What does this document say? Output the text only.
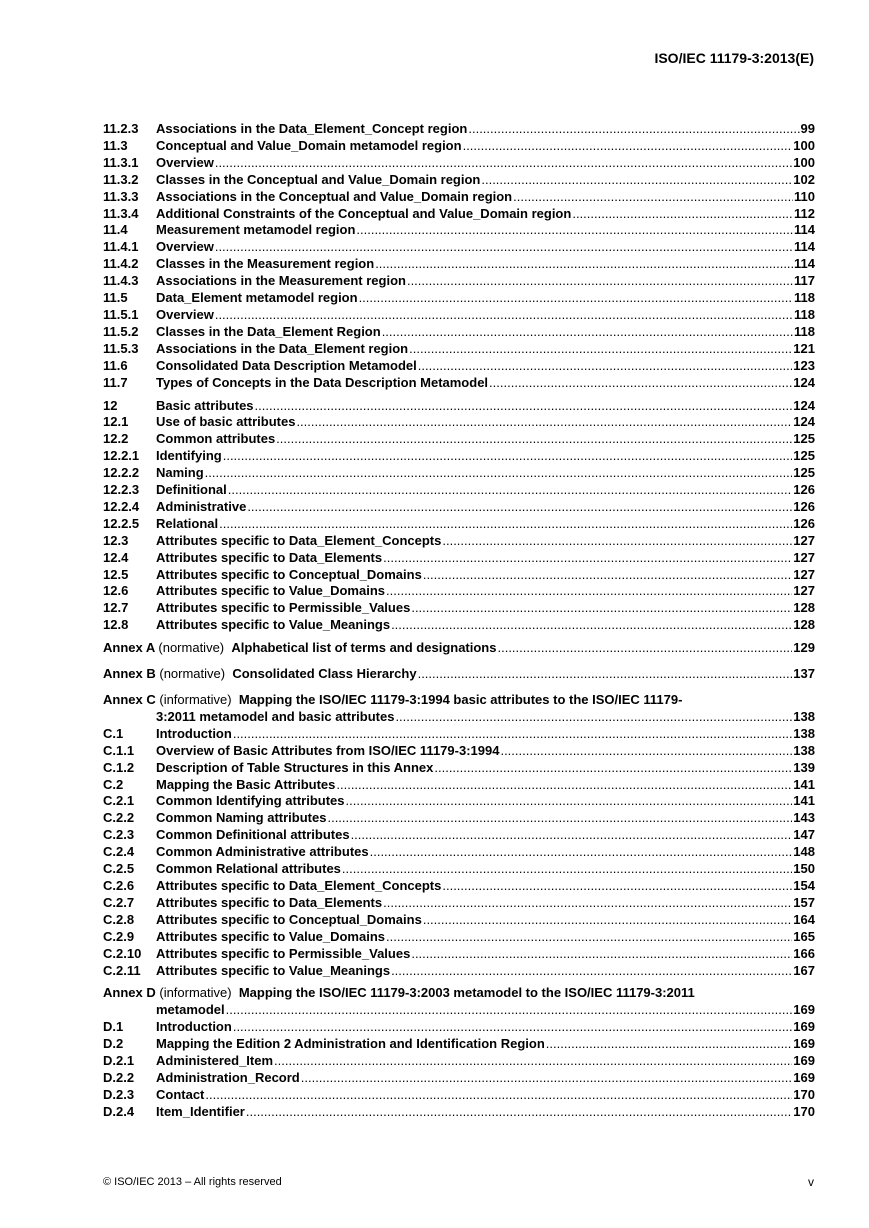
ISO/IEC 11179-3:2013(E)
11.2.3	Associations in the Data_Element_Concept region .....	99
11.3	Conceptual and Value_Domain metamodel region .....	100
11.3.1	Overview .....	100
11.3.2	Classes in the Conceptual and Value_Domain region .....	102
11.3.3	Associations in the Conceptual and Value_Domain region .....	110
11.3.4	Additional Constraints of the Conceptual and Value_Domain region .....	112
11.4	Measurement metamodel region .....	114
11.4.1	Overview .....	114
11.4.2	Classes in the Measurement region .....	114
11.4.3	Associations in the Measurement region .....	117
11.5	Data_Element metamodel region .....	118
11.5.1	Overview .....	118
11.5.2	Classes in the Data_Element Region .....	118
11.5.3	Associations in the Data_Element region .....	121
11.6	Consolidated Data Description Metamodel .....	123
11.7	Types of Concepts in the Data Description Metamodel .....	124
12	Basic attributes .....	124
12.1	Use of basic attributes .....	124
12.2	Common attributes .....	125
12.2.1	Identifying .....	125
12.2.2	Naming .....	125
12.2.3	Definitional .....	126
12.2.4	Administrative .....	126
12.2.5	Relational .....	126
12.3	Attributes specific to Data_Element_Concepts .....	127
12.4	Attributes specific to Data_Elements .....	127
12.5	Attributes specific to Conceptual_Domains .....	127
12.6	Attributes specific to Value_Domains .....	127
12.7	Attributes specific to Permissible_Values .....	128
12.8	Attributes specific to Value_Meanings .....	128
Annex A (normative) Alphabetical list of terms and designations .....	129
Annex B (normative) Consolidated Class Hierarchy .....	137
Annex C (informative) Mapping the ISO/IEC 11179-3:1994 basic attributes to the ISO/IEC 11179-
3:2011 metamodel and basic attributes .....	138
C.1	Introduction .....	138
C.1.1	Overview of Basic Attributes from ISO/IEC 11179-3:1994 .....	138
C.1.2	Description of Table Structures in this Annex .....	139
C.2	Mapping the Basic Attributes .....	141
C.2.1	Common Identifying attributes .....	141
C.2.2	Common Naming attributes .....	143
C.2.3	Common Definitional attributes .....	147
C.2.4	Common Administrative attributes .....	148
C.2.5	Common Relational attributes .....	150
C.2.6	Attributes specific to Data_Element_Concepts .....	154
C.2.7	Attributes specific to Data_Elements .....	157
C.2.8	Attributes specific to Conceptual_Domains .....	164
C.2.9	Attributes specific to Value_Domains .....	165
C.2.10	Attributes specific to Permissible_Values .....	166
C.2.11	Attributes specific to Value_Meanings .....	167
Annex D (informative) Mapping the ISO/IEC 11179-3:2003 metamodel to the ISO/IEC 11179-3:2011
metamodel .....	169
D.1	Introduction .....	169
D.2	Mapping the Edition 2 Administration and Identification Region .....	169
D.2.1	Administered_Item .....	169
D.2.2	Administration_Record .....	169
D.2.3	Contact .....	170
D.2.4	Item_Identifier .....	170
© ISO/IEC 2013 – All rights reserved	v
